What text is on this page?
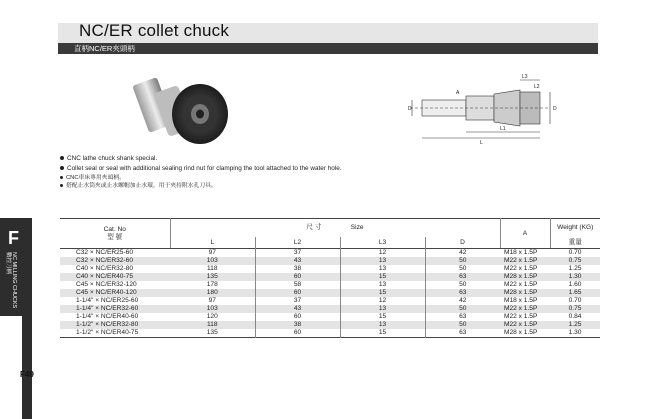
NC/ER collet chuck
直柄NC/ER夾頭柄
D
A
L
L1
L3
L2
D
CNC lathe chuck shank special.
Collet seal or seal with additional sealing rind nut for clamping the tool attached to the water hole.
CNC車床專用夾頭柄。
搭配止水筒夾或止水螺帽加止水環，用于夾持附水孔刀具。
F
NC MILLING CHUCKS
數控刀柄
F49
Cat. No
型 號	尺 寸 Size				A	Weight (KG)
	L	L2	L3	D		重量
C32 × NC/ER25-60	97	37	12	42	M18 x 1.5P	0.70
C32 × NC/ER32-60	103	43	13	50	M22 x 1.5P	0.75
C40 × NC/ER32-80	118	38	13	50	M22 x 1.5P	1.25
C40 × NC/ER40-75	135	60	15	63	M28 x 1.5P	1.30
C45 × NC/ER32-120	178	58	13	50	M22 x 1.5P	1.60
C45 × NC/ER40-120	180	60	15	63	M28 x 1.5P	1.65
1-1/4" × NC/ER25-60	97	37	12	42	M18 x 1.5P	0.70
1-1/4" × NC/ER32-60	103	43	13	50	M22 x 1.5P	0.75
1-1/4" × NC/ER40-60	120	60	15	63	M22 x 1.5P	0.84
1-1/2" × NC/ER32-80	118	38	13	50	M22 x 1.5P	1.25
1-1/2" × NC/ER40-75	135	60	15	63	M28 x 1.5P	1.30
